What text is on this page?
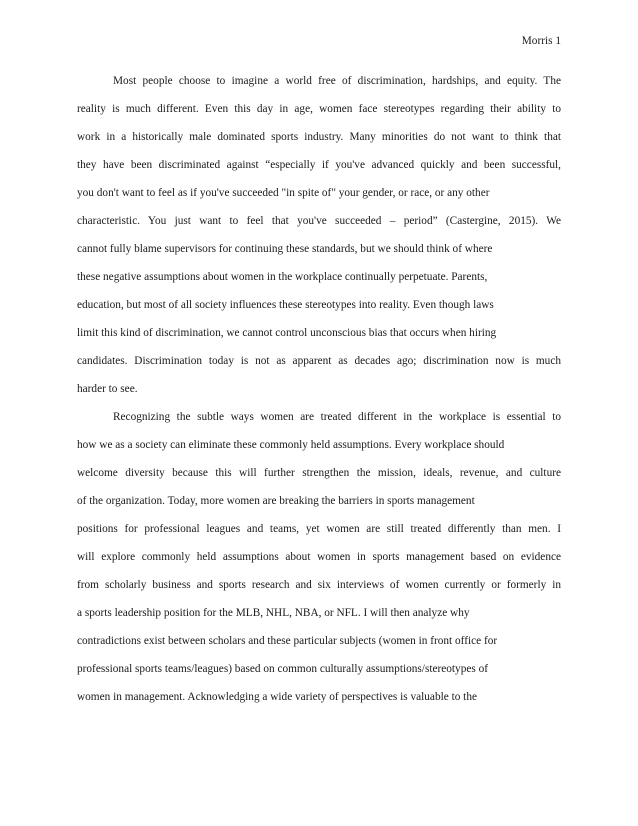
Morris 1
Most people choose to imagine a world free of discrimination, hardships, and equity. The
reality is much different. Even this day in age, women face stereotypes regarding their ability to
work in a historically male dominated sports industry. Many minorities do not want to think that
they have been discriminated against “especially if you've advanced quickly and been successful,
you don't want to feel as if you've succeeded "in spite of" your gender, or race, or any other
characteristic. You just want to feel that you've succeeded – period” (Castergine, 2015). We
cannot fully blame supervisors for continuing these standards, but we should think of where
these negative assumptions about women in the workplace continually perpetuate. Parents,
education, but most of all society influences these stereotypes into reality. Even though laws
limit this kind of discrimination, we cannot control unconscious bias that occurs when hiring
candidates. Discrimination today is not as apparent as decades ago; discrimination now is much
harder to see.
Recognizing the subtle ways women are treated different in the workplace is essential to
how we as a society can eliminate these commonly held assumptions. Every workplace should
welcome diversity because this will further strengthen the mission, ideals, revenue, and culture
of the organization. Today, more women are breaking the barriers in sports management
positions for professional leagues and teams, yet women are still treated differently than men. I
will explore commonly held assumptions about women in sports management based on evidence
from scholarly business and sports research and six interviews of women currently or formerly in
a sports leadership position for the MLB, NHL, NBA, or NFL. I will then analyze why
contradictions exist between scholars and these particular subjects (women in front office for
professional sports teams/leagues) based on common culturally assumptions/stereotypes of
women in management. Acknowledging a wide variety of perspectives is valuable to the
